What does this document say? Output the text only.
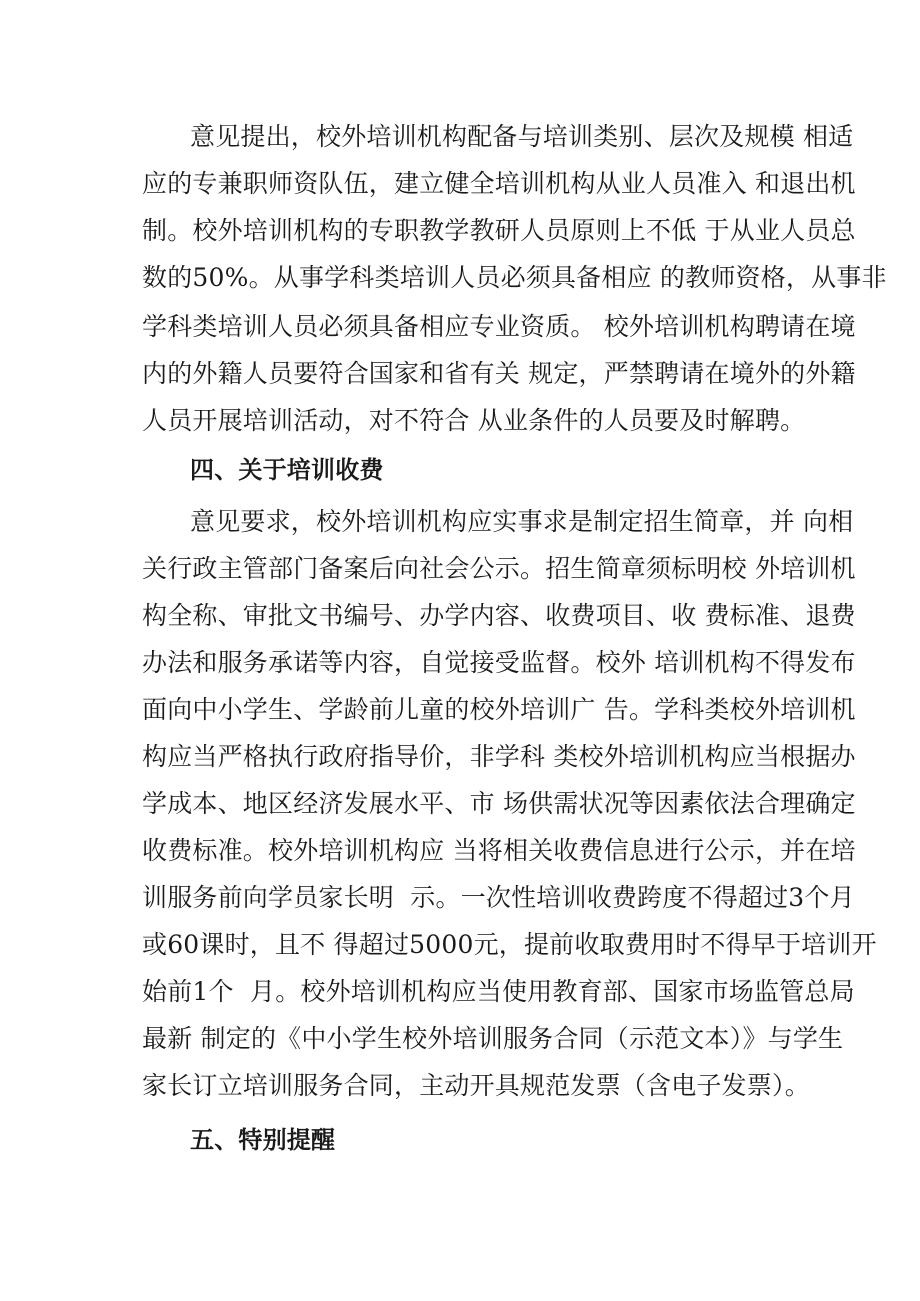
意见提出，校外培训机构配备与培训类别、层次及规模 相适
应的专兼职师资队伍，建立健全培训机构从业人员准入 和退出机
制。校外培训机构的专职教学教研人员原则上不低 于从业人员总
数的50%。从事学科类培训人员必须具备相应 的教师资格，从事非
学科类培训人员必须具备相应专业资质。 校外培训机构聘请在境
内的外籍人员要符合国家和省有关 规定，严禁聘请在境外的外籍
人员开展培训活动，对不符合 从业条件的人员要及时解聘。
四、关于培训收费
意见要求，校外培训机构应实事求是制定招生简章，并 向相
关行政主管部门备案后向社会公示。招生简章须标明校 外培训机
构全称、审批文书编号、办学内容、收费项目、收 费标准、退费
办法和服务承诺等内容，自觉接受监督。校外 培训机构不得发布
面向中小学生、学龄前儿童的校外培训广 告。学科类校外培训机
构应当严格执行政府指导价，非学科 类校外培训机构应当根据办
学成本、地区经济发展水平、市 场供需状况等因素依法合理确定
收费标准。校外培训机构应 当将相关收费信息进行公示，并在培
训服务前向学员家长明  示。一次性培训收费跨度不得超过3个月
或60课时，且不 得超过5000元，提前收取费用时不得早于培训开
始前1个  月。校外培训机构应当使用教育部、国家市场监管总局
最新 制定的《中小学生校外培训服务合同（示范文本）》与学生
家长订立培训服务合同，主动开具规范发票（含电子发票）。
五、特别提醒
